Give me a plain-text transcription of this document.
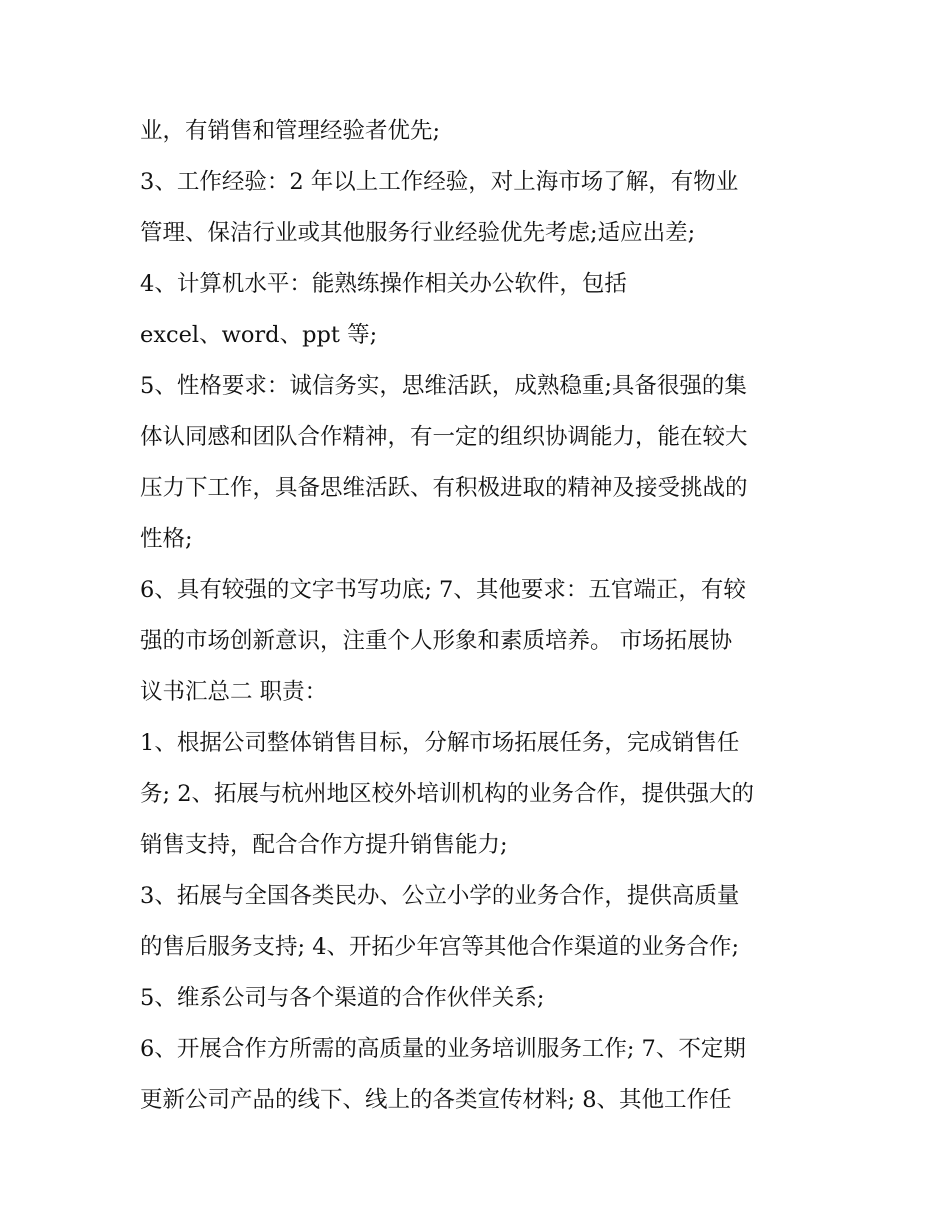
业，有销售和管理经验者优先;
3、工作经验：2 年以上工作经验，对上海市场了解，有物业
管理、保洁行业或其他服务行业经验优先考虑;适应出差;
4、计算机水平：能熟练操作相关办公软件，包括
excel、word、ppt 等;
5、性格要求：诚信务实，思维活跃，成熟稳重;具备很强的集
体认同感和团队合作精神，有一定的组织协调能力，能在较大
压力下工作，具备思维活跃、有积极进取的精神及接受挑战的
性格;
6、具有较强的文字书写功底; 7、其他要求：五官端正，有较
强的市场创新意识，注重个人形象和素质培养。 市场拓展协
议书汇总二 职责：
1、根据公司整体销售目标，分解市场拓展任务，完成销售任
务; 2、拓展与杭州地区校外培训机构的业务合作，提供强大的
销售支持，配合合作方提升销售能力;
3、拓展与全国各类民办、公立小学的业务合作，提供高质量
的售后服务支持; 4、开拓少年宫等其他合作渠道的业务合作;
5、维系公司与各个渠道的合作伙伴关系;
6、开展合作方所需的高质量的业务培训服务工作; 7、不定期
更新公司产品的线下、线上的各类宣传材料; 8、其他工作任
